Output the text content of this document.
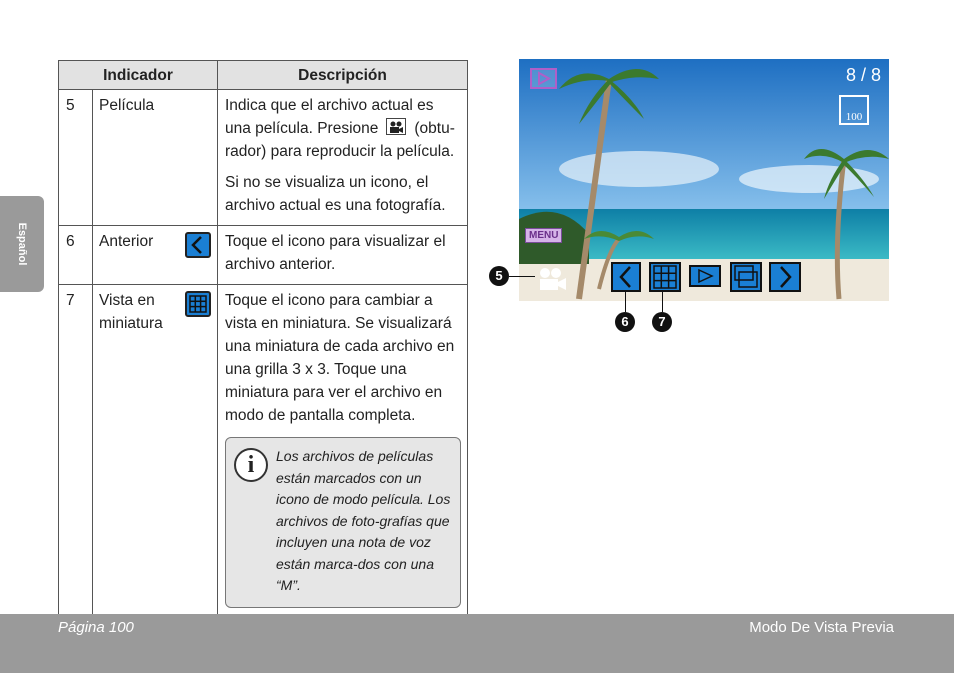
Español
Indicador			Descripción
5	Película		Indica que el archivo actual es una película. Presione (obtu-rador) para reproducir la película.

Si no se visualiza un icono, el archivo actual es una fotografía.

6	Anterior		Toque el icono para visualizar el archivo anterior.
7	Vista en miniatura		Toque el icono para cambiar a vista en miniatura. Se visualizará una miniatura de cada archivo en una grilla 3 x 3. Toque una miniatura para ver el archivo en modo de pantalla completa.

i Los archivos de películas están marcados con un icono de modo película. Los archivos de foto-grafías que incluyen una nota de voz están marca-dos con una “M”.
8 / 8
100
MENU
5
6	7
Página 100	Modo De Vista Previa
